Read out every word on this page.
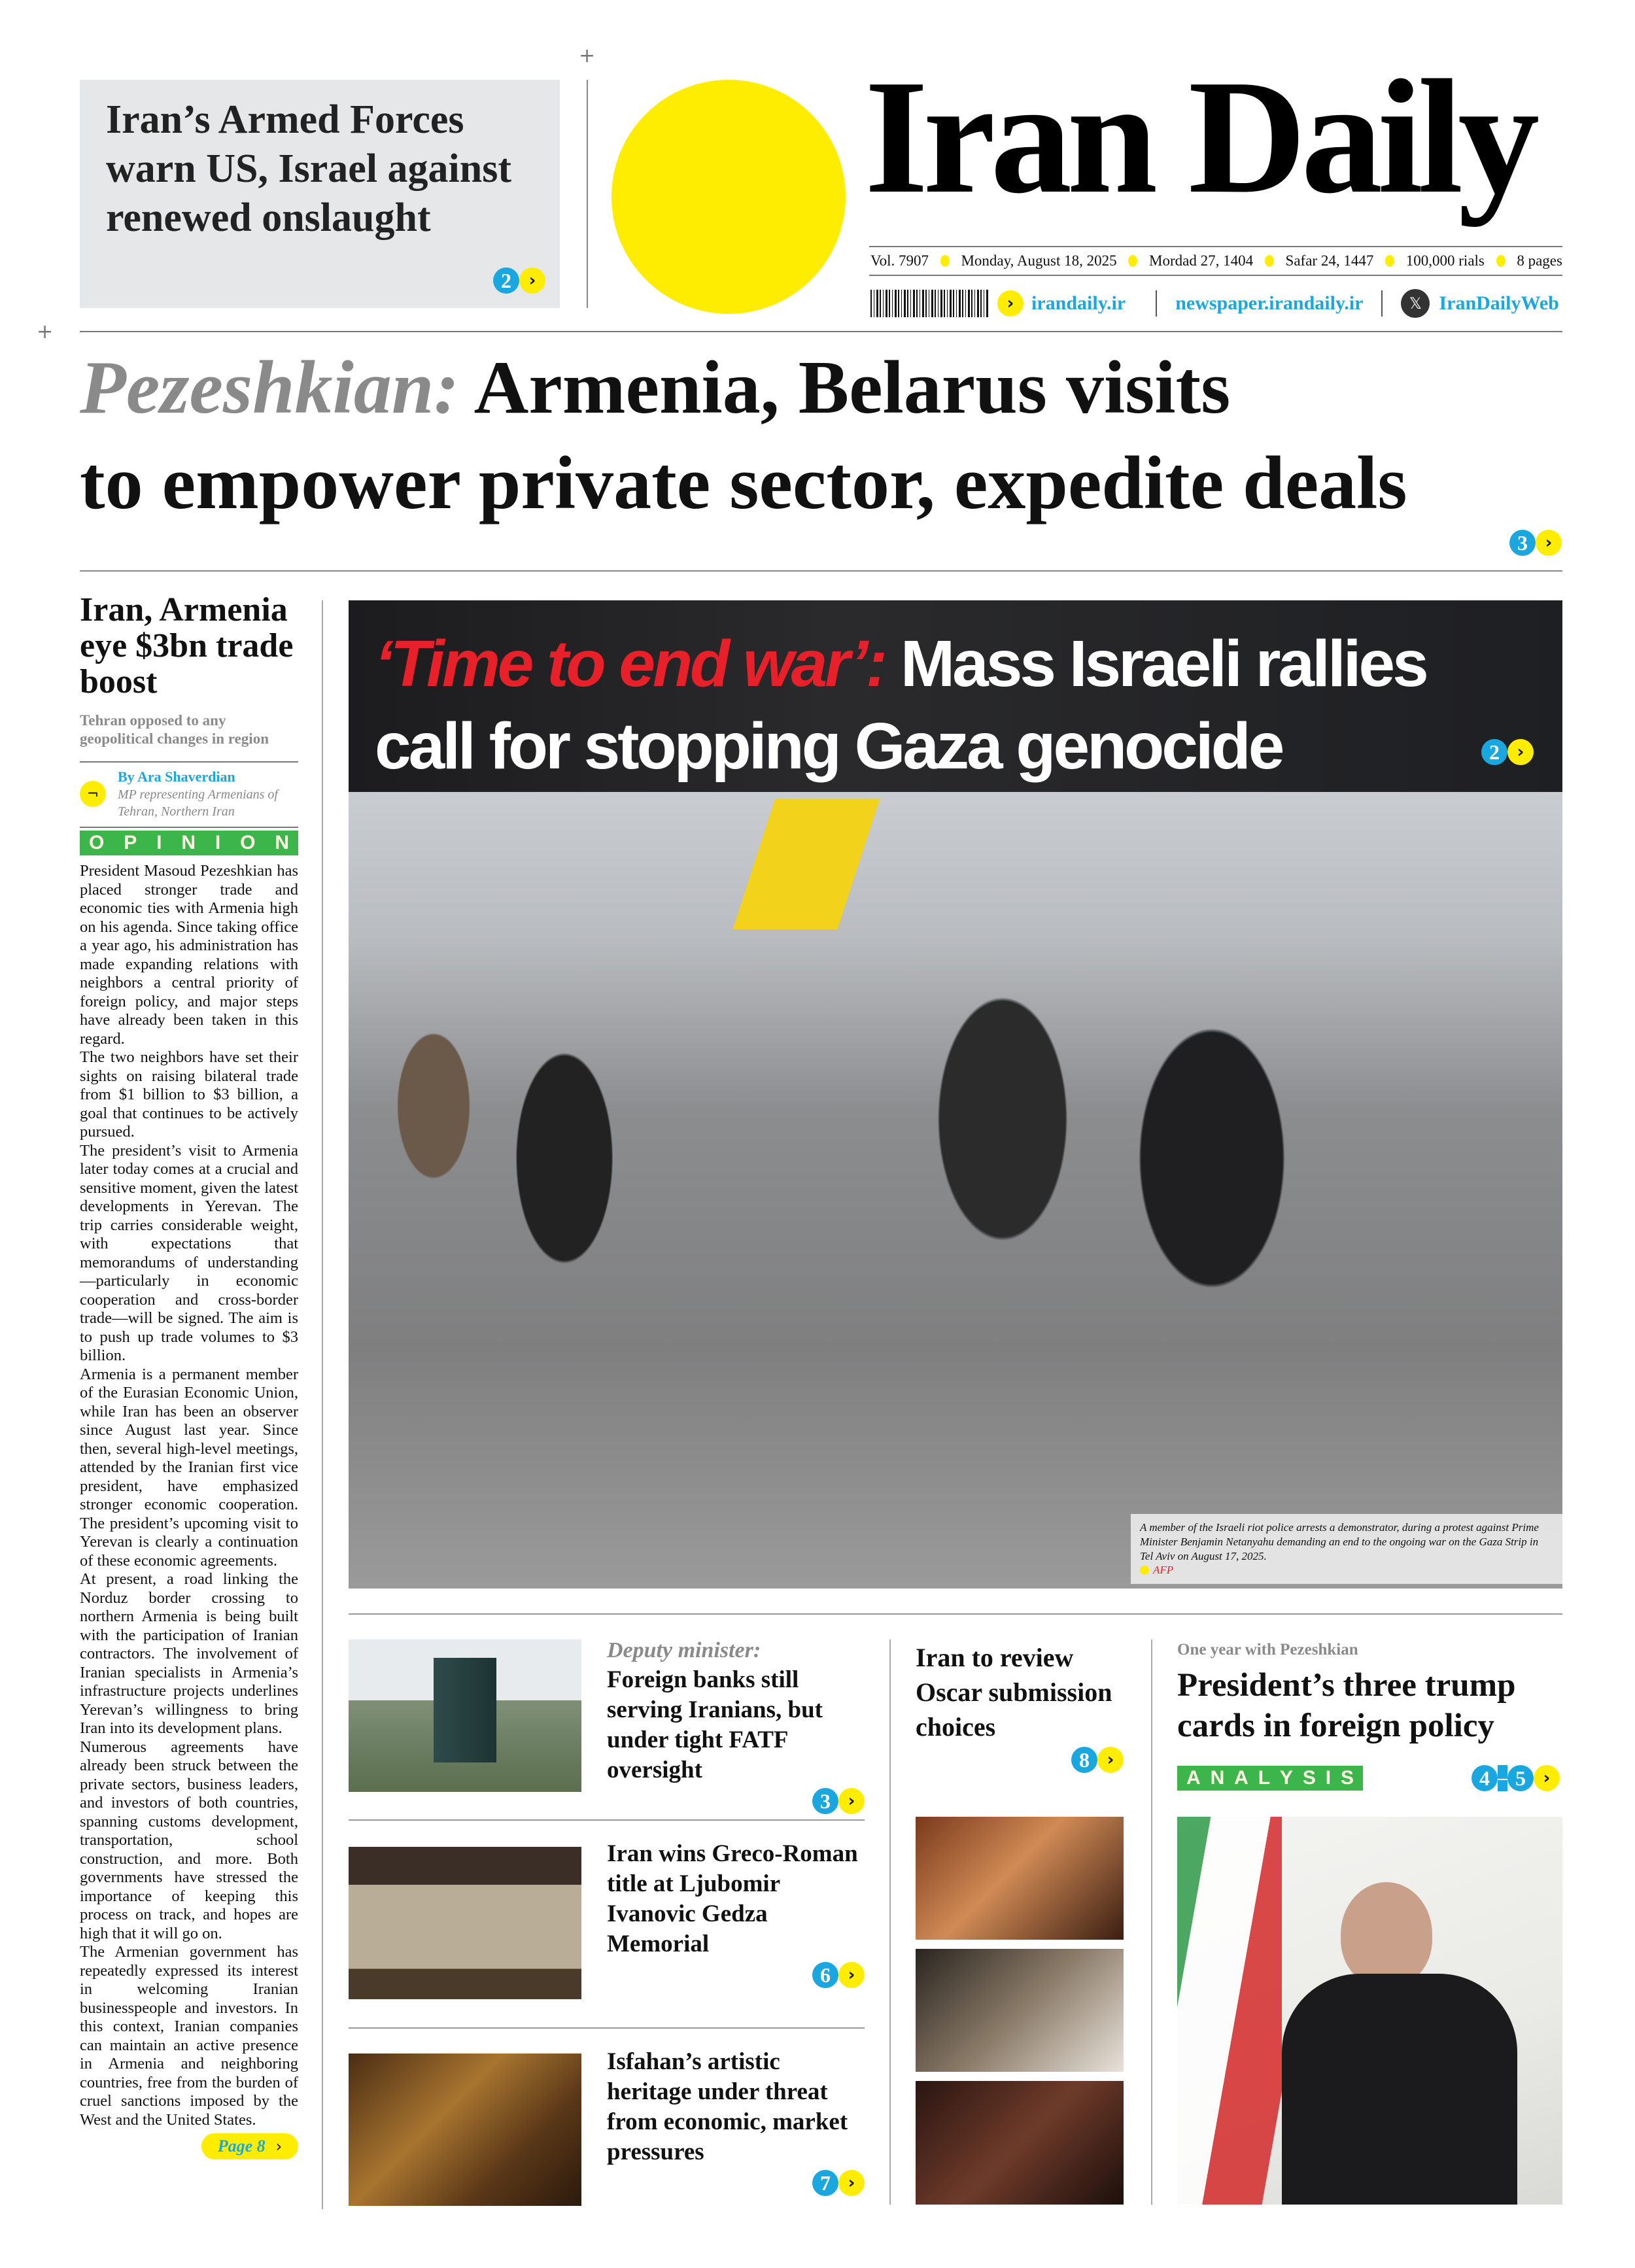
+
+
Iran’s Armed Forces warn US, Israel against renewed onslaught
2	›
Iran Daily
Vol. 7907 Monday, August 18, 2025 Mordad 27, 1404 Safar 24, 1447 100,000 rials 8 pages
› irandaily.ir	newspaper.irandaily.ir	𝕏 IranDailyWeb
Pezeshkian: Armenia, Belarus visits
to empower private sector, expedite deals
3	›
Iran, Armenia eye $3bn trade boost
Tehran opposed to any geopolitical changes in region
¬
By Ara Shaverdian
MP representing Armenians of Tehran, Northern Iran
O P I N I O N

President Masoud Pezeshkian has placed stronger trade and economic ties with Armenia high on his agenda. Since taking office a year ago, his administration has made expanding relations with neighbors a central priority of foreign policy, and major steps have already been taken in this regard.

The two neighbors have set their sights on raising bilateral trade from $1 billion to $3 billion, a goal that continues to be actively pursued.

The president’s visit to Armenia later today comes at a crucial and sensitive moment, given the latest developments in Yerevan. The trip carries considerable weight, with expectations that memorandums of understanding—particularly in economic cooperation and cross-border trade—will be signed. The aim is to push up trade volumes to $3 billion.

Armenia is a permanent member of the Eurasian Economic Union, while Iran has been an observer since August last year. Since then, several high-level meetings, attended by the Iranian first vice president, have emphasized stronger economic cooperation. The president’s upcoming visit to Yerevan is clearly a continuation of these economic agreements.

At present, a road linking the Norduz border crossing to northern Armenia is being built with the participation of Iranian contractors. The involvement of Iranian specialists in Armenia’s infrastructure projects underlines Yerevan’s willingness to bring Iran into its development plans.

Numerous agreements have already been struck between the private sectors, business leaders, and investors of both countries, spanning customs development, transportation, school construction, and more. Both governments have stressed the importance of keeping this process on track, and hopes are high that it will go on.

The Armenian government has repeatedly expressed its interest in welcoming Iranian businesspeople and investors. In this context, Iranian companies can maintain an active presence in Armenia and neighboring countries, free from the burden of cruel sanctions imposed by the West and the United States.

Page 8 ›
‘Time to end war’: Mass Israeli rallies
call for stopping Gaza genocide	2	›
A member of the Israeli riot police arrests a demonstrator, during a protest against Prime Minister Benjamin Netanyahu demanding an end to the ongoing war on the Gaza Strip in Tel Aviv on August 17, 2025.
AFP
Deputy minister:
Foreign banks still serving Iranians, but under tight FATF oversight
3	›
Iran wins Greco-Roman title at Ljubomir Ivanovic Gedza Memorial
6	›
Isfahan’s artistic heritage under threat from economic, market pressures
7	›
Iran to review Oscar submission choices
8	›
One year with Pezeshkian
President’s three trump cards in foreign policy
A N A L Y S I S	4 – 5	›
